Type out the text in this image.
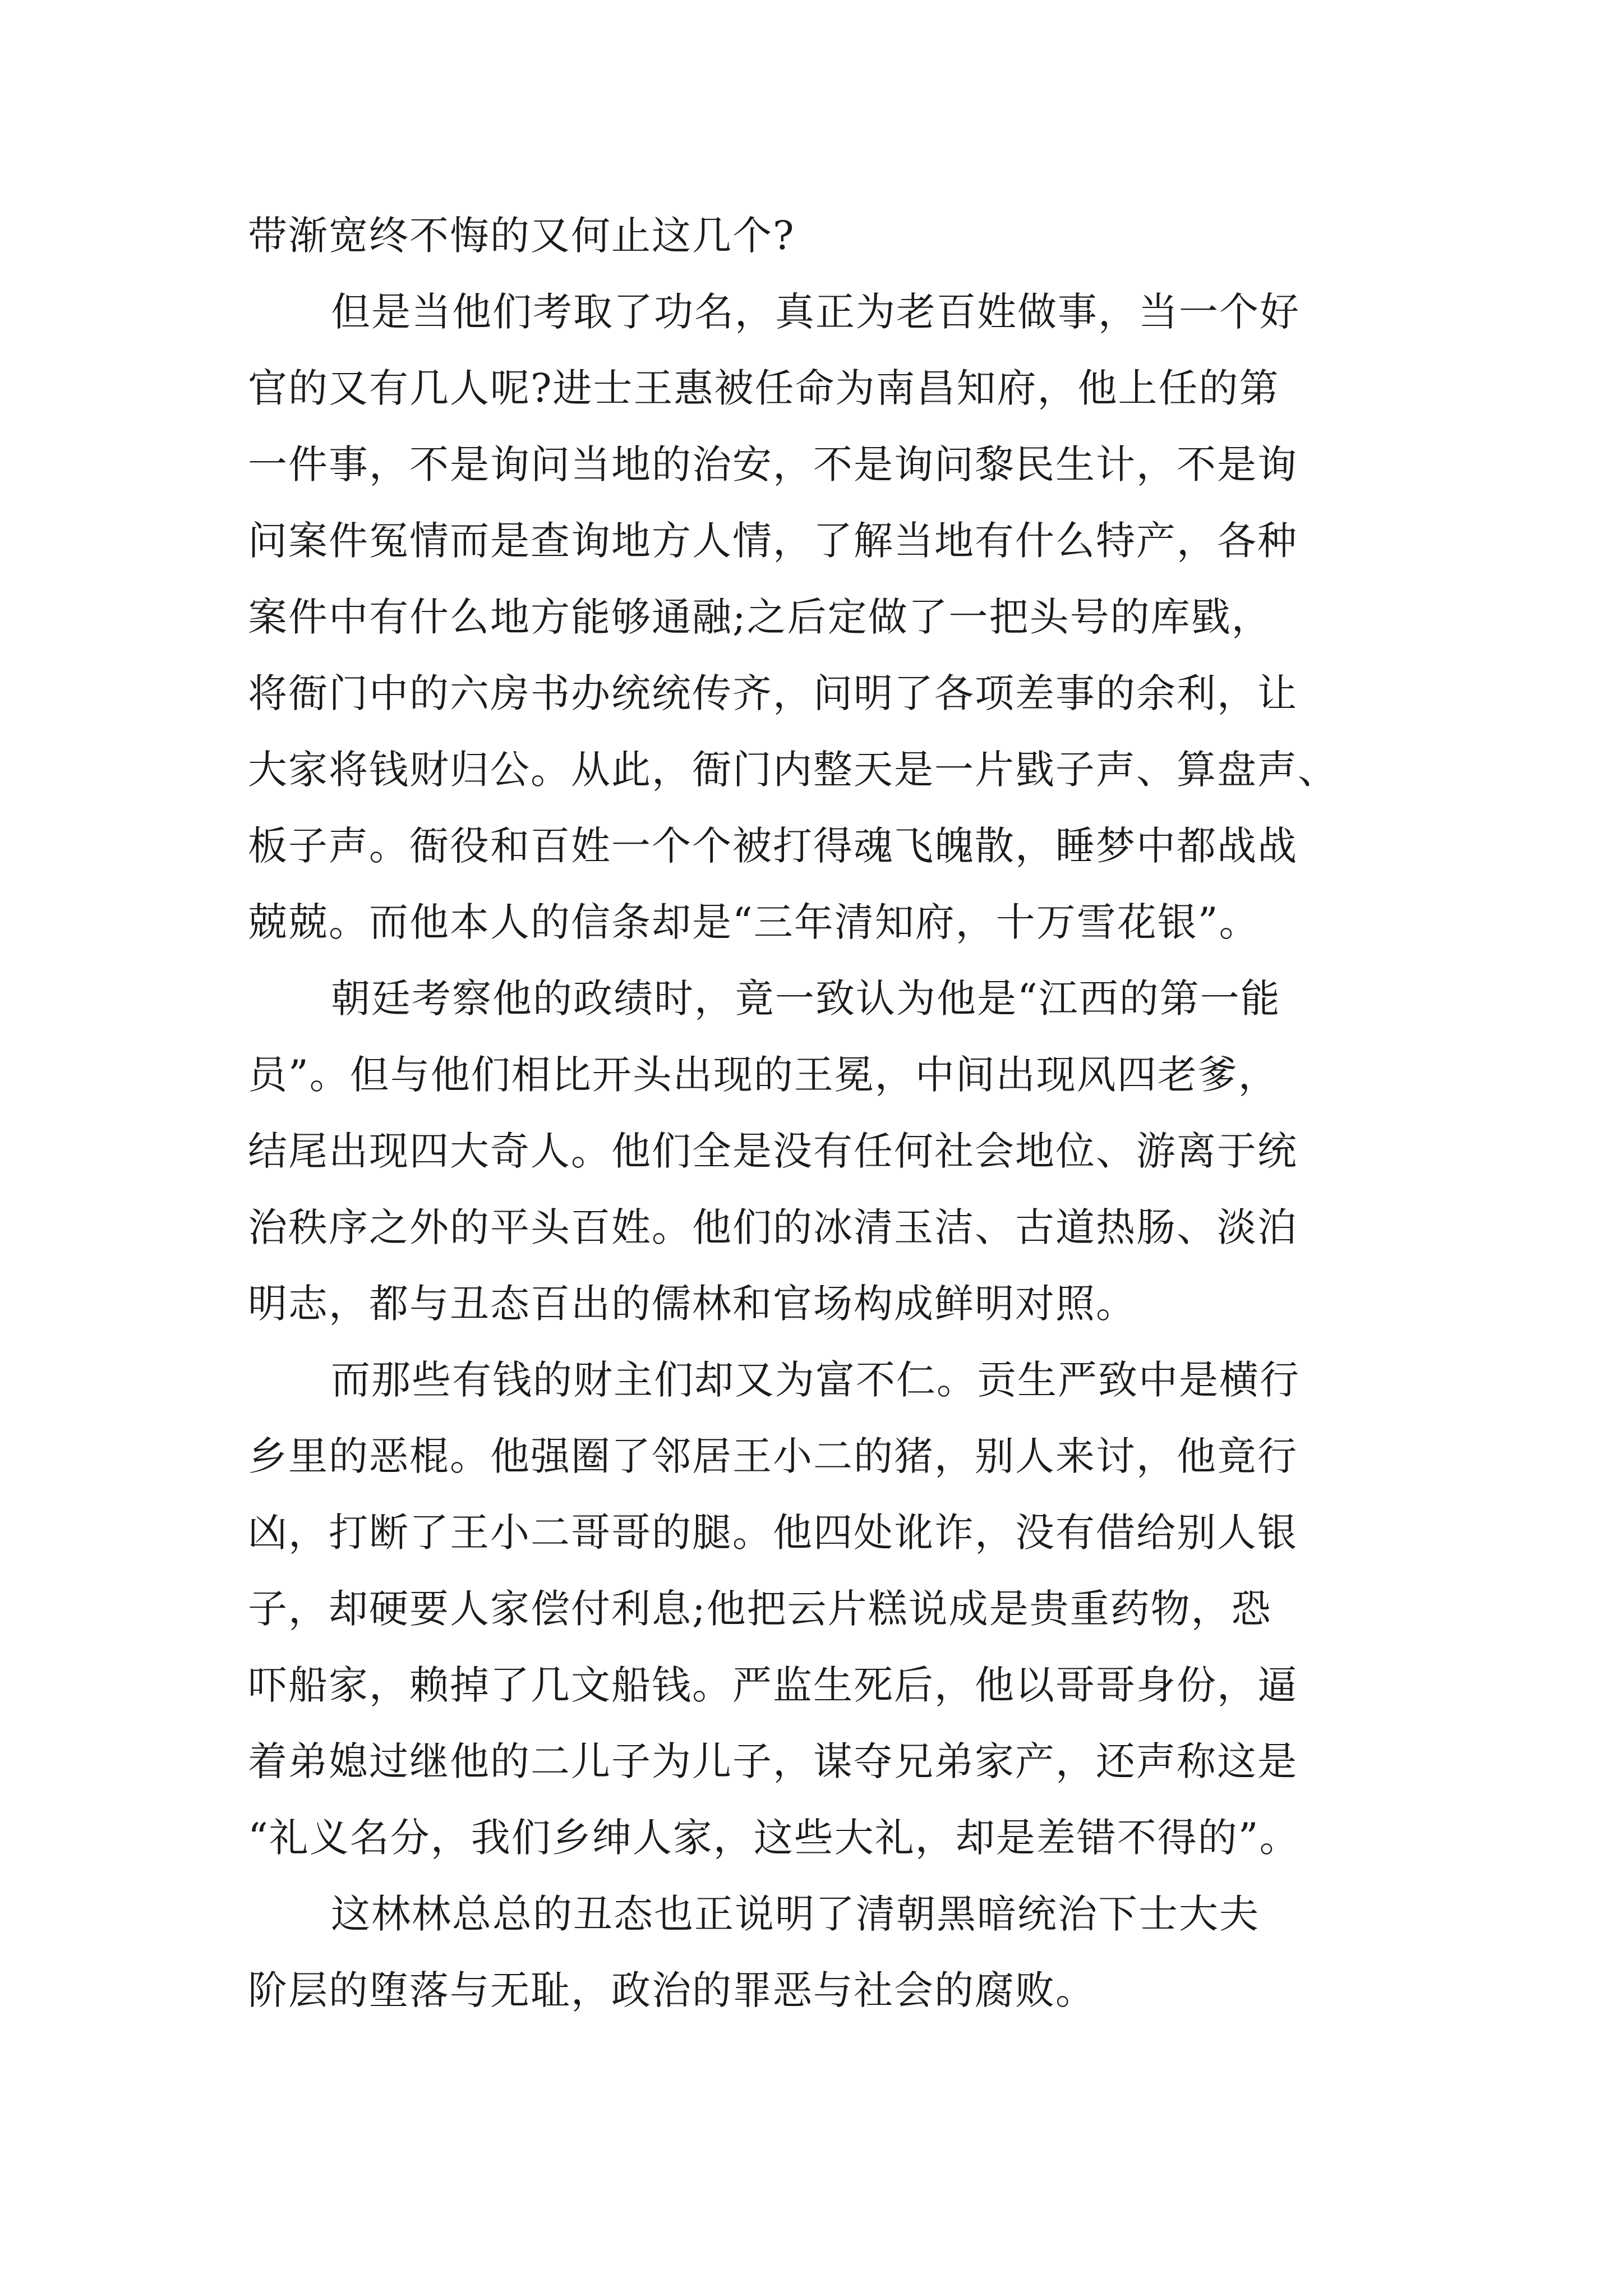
带渐宽终不悔的又何止这几个?
但是当他们考取了功名，真正为老百姓做事，当一个好
官的又有几人呢?进士王惠被任命为南昌知府，他上任的第
一件事，不是询问当地的治安，不是询问黎民生计，不是询
问案件冤情而是查询地方人情，了解当地有什么特产，各种
案件中有什么地方能够通融;之后定做了一把头号的库戥，
将衙门中的六房书办统统传齐，问明了各项差事的余利，让
大家将钱财归公。从此，衙门内整天是一片戥子声、算盘声、
板子声。衙役和百姓一个个被打得魂飞魄散，睡梦中都战战
兢兢。而他本人的信条却是“三年清知府，十万雪花银”。
朝廷考察他的政绩时，竟一致认为他是“江西的第一能
员”。但与他们相比开头出现的王冕，中间出现风四老爹，
结尾出现四大奇人。他们全是没有任何社会地位、游离于统
治秩序之外的平头百姓。他们的冰清玉洁、古道热肠、淡泊
明志，都与丑态百出的儒林和官场构成鲜明对照。
而那些有钱的财主们却又为富不仁。贡生严致中是横行
乡里的恶棍。他强圈了邻居王小二的猪，别人来讨，他竟行
凶，打断了王小二哥哥的腿。他四处讹诈，没有借给别人银
子，却硬要人家偿付利息;他把云片糕说成是贵重药物，恐
吓船家，赖掉了几文船钱。严监生死后，他以哥哥身份，逼
着弟媳过继他的二儿子为儿子，谋夺兄弟家产，还声称这是
“礼义名分，我们乡绅人家，这些大礼，却是差错不得的”。
这林林总总的丑态也正说明了清朝黑暗统治下士大夫
阶层的堕落与无耻，政治的罪恶与社会的腐败。
